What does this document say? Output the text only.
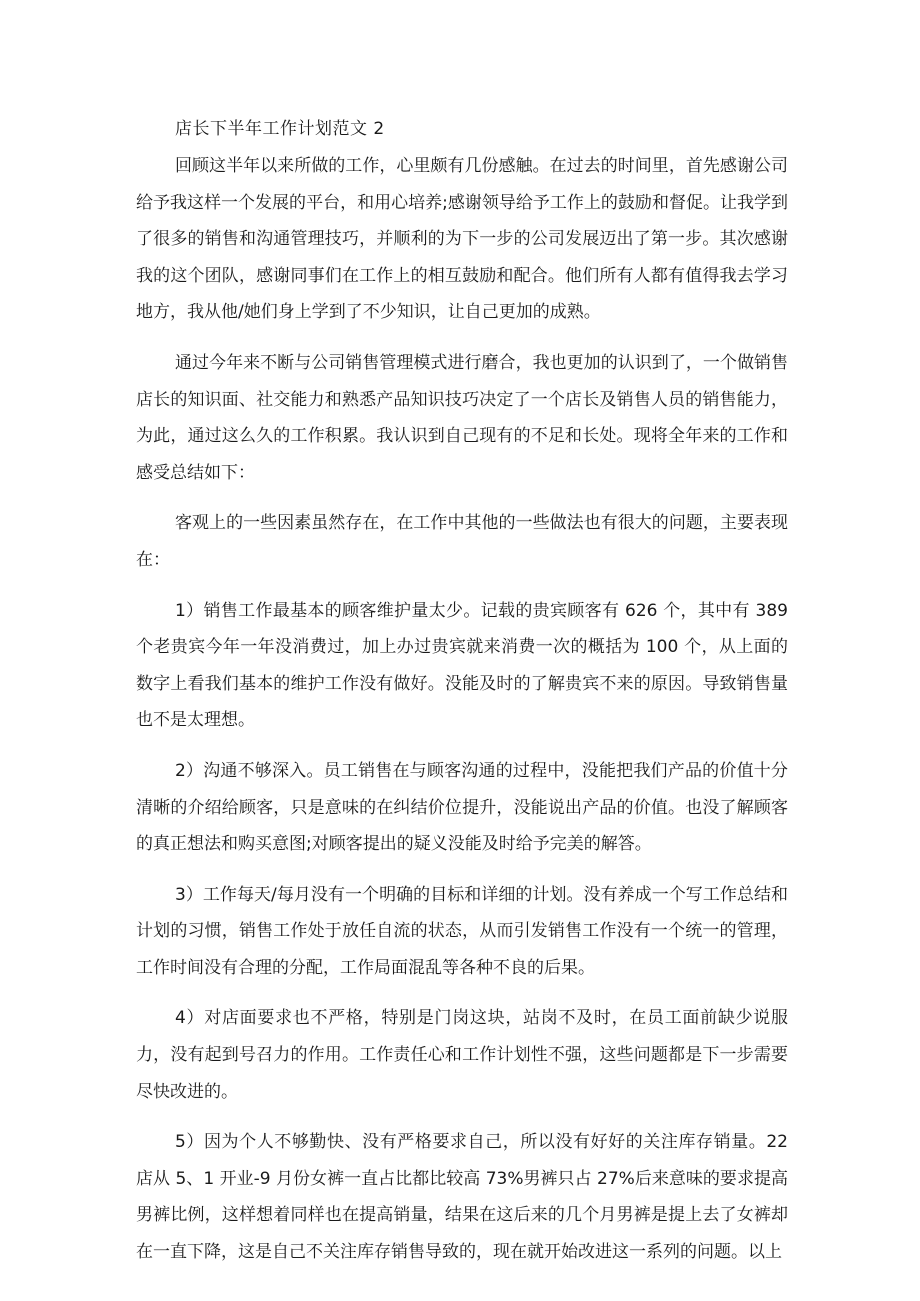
店长下半年工作计划范文 2

回顾这半年以来所做的工作，心里颇有几份感触。在过去的时间里，首先感谢公司给予我这样一个发展的平台，和用心培养;感谢领导给予工作上的鼓励和督促。让我学到了很多的销售和沟通管理技巧，并顺利的为下一步的公司发展迈出了第一步。其次感谢我的这个团队，感谢同事们在工作上的相互鼓励和配合。他们所有人都有值得我去学习地方，我从他/她们身上学到了不少知识，让自己更加的成熟。

通过今年来不断与公司销售管理模式进行磨合，我也更加的认识到了，一个做销售店长的知识面、社交能力和熟悉产品知识技巧决定了一个店长及销售人员的销售能力，为此，通过这么久的工作积累。我认识到自己现有的不足和长处。现将全年来的工作和感受总结如下：

客观上的一些因素虽然存在，在工作中其他的一些做法也有很大的问题，主要表现在：

1）销售工作最基本的顾客维护量太少。记载的贵宾顾客有 626 个，其中有 389 个老贵宾今年一年没消费过，加上办过贵宾就来消费一次的概括为 100 个，从上面的数字上看我们基本的维护工作没有做好。没能及时的了解贵宾不来的原因。导致销售量也不是太理想。

2）沟通不够深入。员工销售在与顾客沟通的过程中，没能把我们产品的价值十分清晰的介绍给顾客，只是意味的在纠结价位提升，没能说出产品的价值。也没了解顾客的真正想法和购买意图;对顾客提出的疑义没能及时给予完美的解答。

3）工作每天/每月没有一个明确的目标和详细的计划。没有养成一个写工作总结和计划的习惯，销售工作处于放任自流的状态，从而引发销售工作没有一个统一的管理，工作时间没有合理的分配，工作局面混乱等各种不良的后果。

4）对店面要求也不严格，特别是门岗这块，站岗不及时，在员工面前缺少说服力，没有起到号召力的作用。工作责任心和工作计划性不强，这些问题都是下一步需要尽快改进的。

5）因为个人不够勤快、没有严格要求自己，所以没有好好的关注库存销量。22 店从 5、1 开业-9 月份女裤一直占比都比较高 73%男裤只占 27%后来意味的要求提高男裤比例，这样想着同样也在提高销量，结果在这后来的几个月男裤是提上去了女裤却在一直下降，这是自己不关注库存销售导致的，现在就开始改进这一系列的问题。以上
